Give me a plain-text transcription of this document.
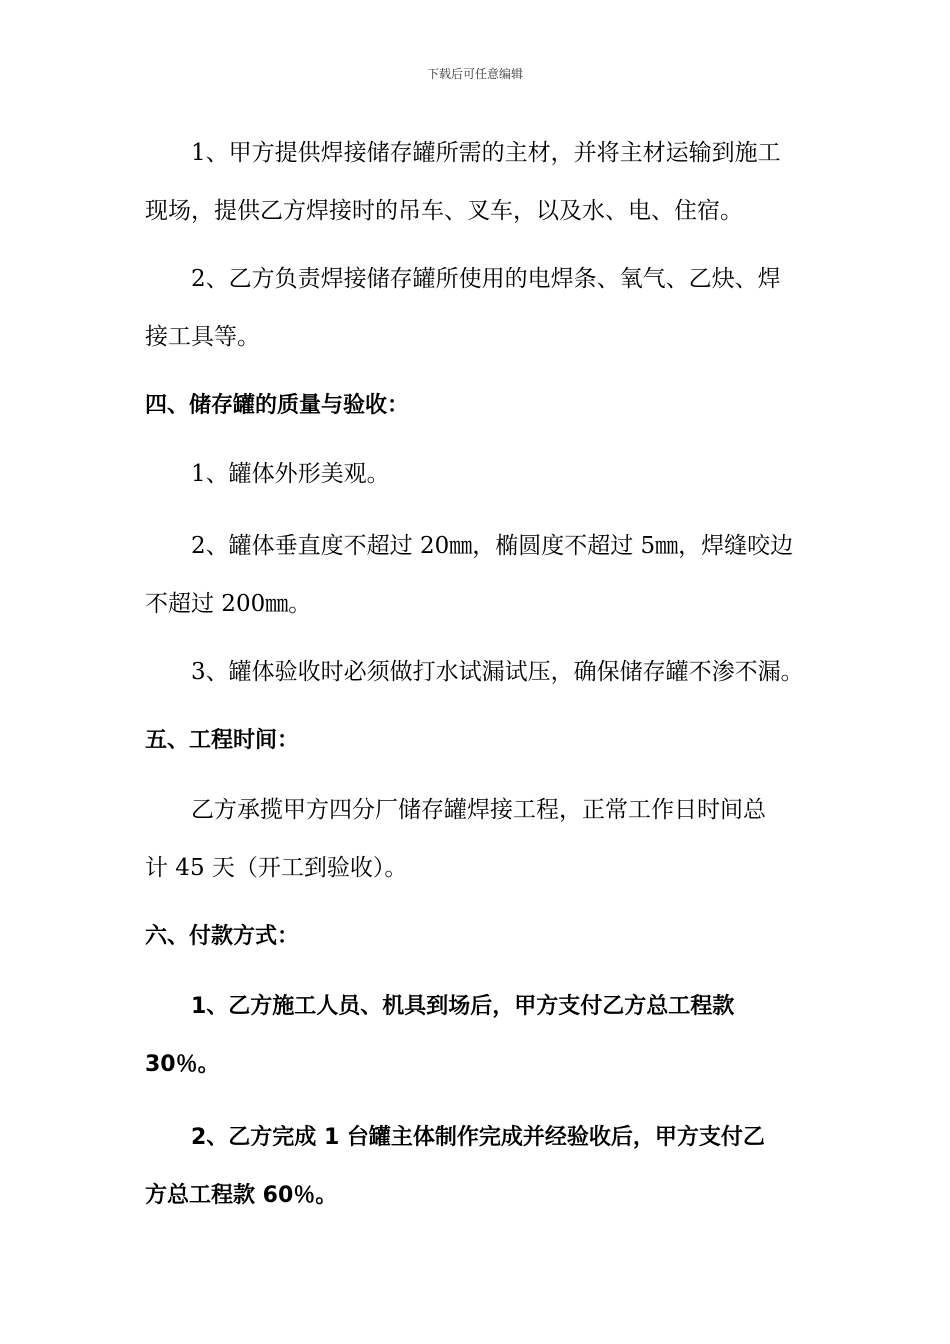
下载后可任意编辑
1、甲方提供焊接储存罐所需的主材，并将主材运输到施工
现场，提供乙方焊接时的吊车、叉车，以及水、电、住宿。
2、乙方负责焊接储存罐所使用的电焊条、氧气、乙炔、焊
接工具等。
四、储存罐的质量与验收：
1、罐体外形美观。
2、罐体垂直度不超过 20㎜，椭圆度不超过 5㎜，焊缝咬边
不超过 200㎜。
3、罐体验收时必须做打水试漏试压，确保储存罐不渗不漏。
五、工程时间：
乙方承揽甲方四分厂储存罐焊接工程，正常工作日时间总
计 45 天（开工到验收）。
六、付款方式：
1、乙方施工人员、机具到场后，甲方支付乙方总工程款
30％。
2、乙方完成 1 台罐主体制作完成并经验收后，甲方支付乙
方总工程款 60％。
